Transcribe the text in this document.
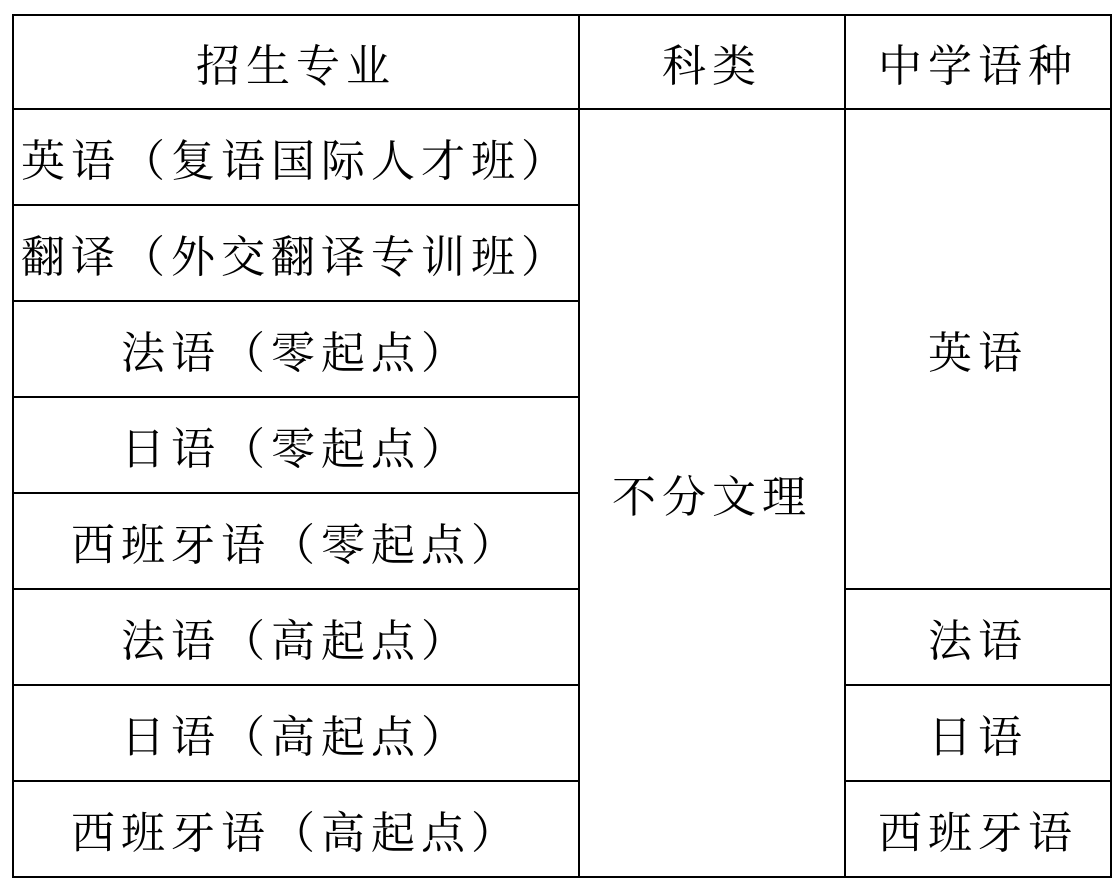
招生专业	科类	中学语种
英语（复语国际人才班）	不分文理	英语
翻译（外交翻译专训班）		
法语（零起点）		
日语（零起点）		
西班牙语（零起点）		
法语（高起点）		法语
日语（高起点）		日语
西班牙语（高起点）		西班牙语
